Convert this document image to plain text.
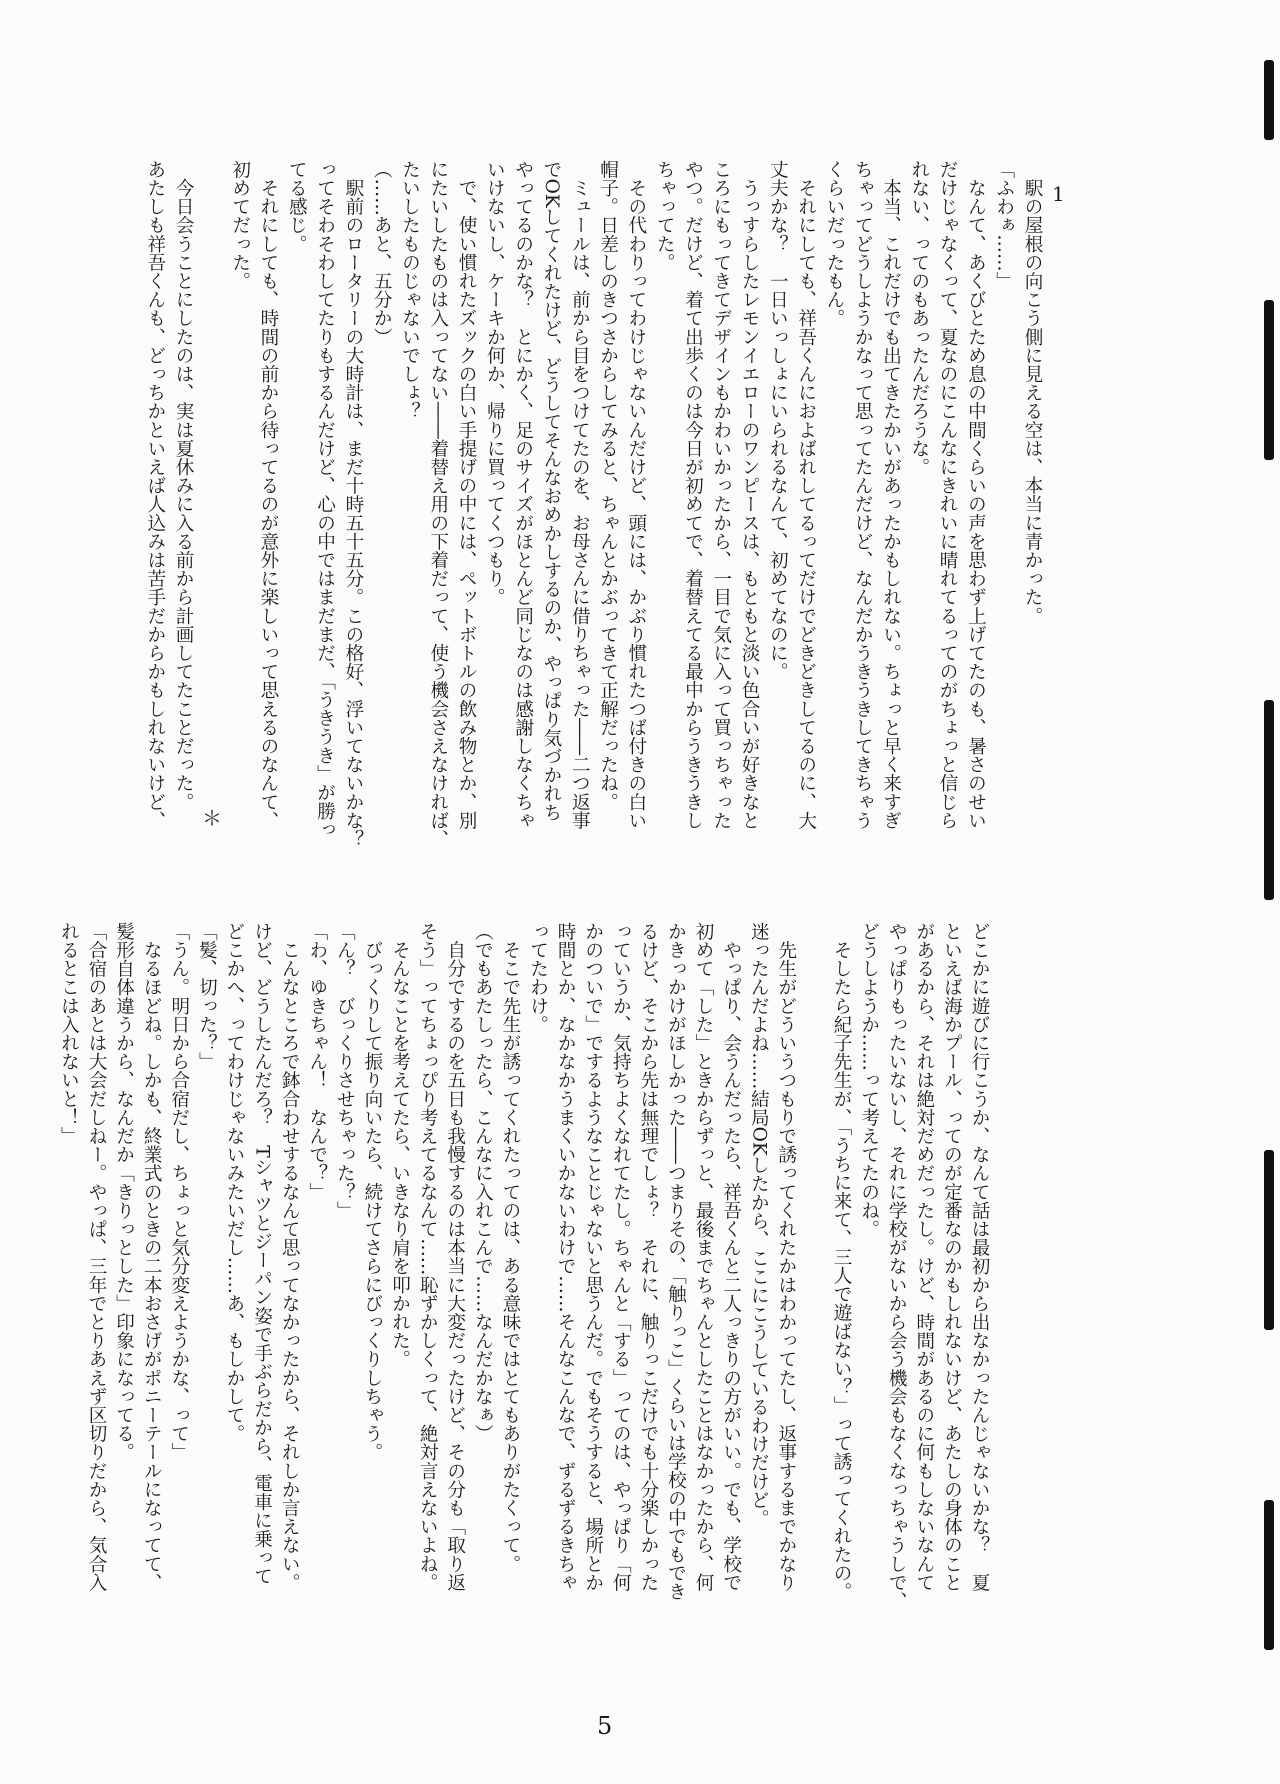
1
　駅の屋根の向こう側に見える空は、本当に青かった。
「ふわぁ……」
　なんて、あくびとため息の中間くらいの声を思わず上げてたのも、暑さのせい
だけじゃなくって、夏なのにこんなにきれいに晴れてるってのがちょっと信じら
れない、ってのもあったんだろうな。
　本当、これだけでも出てきたかいがあったかもしれない。ちょっと早く来すぎ
ちゃってどうしようかなって思ってたんだけど、なんだかうきうきしてきちゃう
くらいだったもん。
　それにしても、祥吾くんにおよばれしてるってだけでどきどきしてるのに、大
丈夫かな？　一日いっしょにいられるなんて、初めてなのに。
　うっすらしたレモンイエローのワンピースは、もともと淡い色合いが好きなと
ころにもってきてデザインもかわいかったから、一目で気に入って買っちゃった
やつ。だけど、着て出歩くのは今日が初めてで、着替えてる最中からうきうきし
ちゃってた。
　その代わりってわけじゃないんだけど、頭には、かぶり慣れたつば付きの白い
帽子。日差しのきつさからしてみると、ちゃんとかぶってきて正解だったね。
　ミュールは、前から目をつけてたのを、お母さんに借りちゃった――二つ返事
でOKしてくれたけど、どうしてそんなおめかしするのか、やっぱり気づかれち
やってるのかな？　とにかく、足のサイズがほとんど同じなのは感謝しなくちゃ
いけないし、ケーキか何か、帰りに買ってくつもり。
　で、使い慣れたズックの白い手提げの中には、ペットボトルの飲み物とか、別
にたいしたものは入ってない――着替え用の下着だって、使う機会さえなければ、
たいしたものじゃないでしょ？
（……あと、五分か）
　駅前のロータリーの大時計は、まだ十時五十五分。この格好、浮いてないかな？
ってそわそわしてたりもするんだけど、心の中ではまだまだ、「うきうき」が勝っ
てる感じ。
　それにしても、時間の前から待ってるのが意外に楽しいって思えるのなんて、
初めてだった。
　今日会うことにしたのは、実は夏休みに入る前から計画してたことだった。
あたしも祥吾くんも、どっちかといえば人込みは苦手だからかもしれないけど、 ＊
どこかに遊びに行こうか、なんて話は最初から出なかったんじゃないかな？　夏
といえば海かプール、ってのが定番なのかもしれないけど、あたしの身体のこと
があるから、それは絶対だめだったし。けど、時間があるのに何もしないなんて
やっぱりもったいないし、それに学校がないから会う機会もなくなっちゃうしで、
どうしようか……って考えてたのね。
　そしたら紀子先生が、「うちに来て、三人で遊ばない？」って誘ってくれたの。
　先生がどういうつもりで誘ってくれたかはわかってたし、返事するまでかなり
迷ったんだよね……結局OKしたから、ここにこうしているわけだけど。
　やっぱり、会うんだったら、祥吾くんと二人っきりの方がいい。でも、学校で
初めて「した」ときからずっと、最後までちゃんとしたことはなかったから、何
かきっかけがほしかった――つまりその、「触りっこ」くらいは学校の中でもでき
るけど、そこから先は無理でしょ？　それに、触りっこだけでも十分楽しかった
っていうか、気持ちよくなれてたし。ちゃんと「する」ってのは、やっぱり「何
かのついで」でするようなことじゃないと思うんだ。でもそうすると、場所とか
時間とか、なかなかうまくいかないわけで……そんなこんなで、ずるずるきちゃ
ってたわけ。
　そこで先生が誘ってくれたってのは、ある意味ではとてもありがたくって。
（でもあたしったら、こんなに入れこんで……なんだかなぁ）
　自分でするのを五日も我慢するのは本当に大変だったけど、その分も「取り返
そう」ってちょっぴり考えてるなんて……恥ずかしくって、絶対言えないよね。
　そんなことを考えてたら、いきなり肩を叩かれた。
　びっくりして振り向いたら、続けてさらにびっくりしちゃう。
「ん？　びっくりさせちゃった？」
「わ、ゆきちゃん！　なんで？」
　こんなところで鉢合わせするなんて思ってなかったから、それしか言えない。
けど、どうしたんだろ？　Tシャツとジーパン姿で手ぶらだから、電車に乗って
どこかへ、ってわけじゃないみたいだし……あ、もしかして。
「髪、切った？」
「うん。明日から合宿だし、ちょっと気分変えようかな、って」
　なるほどね。しかも、終業式のときの二本おさげがポニーテールになってて、
髪形自体違うから、なんだか「きりっとした」印象になってる。
「合宿のあとは大会だしねー。やっぱ、三年でとりあえず区切りだから、気合入
れるとこは入れないと！」
5
